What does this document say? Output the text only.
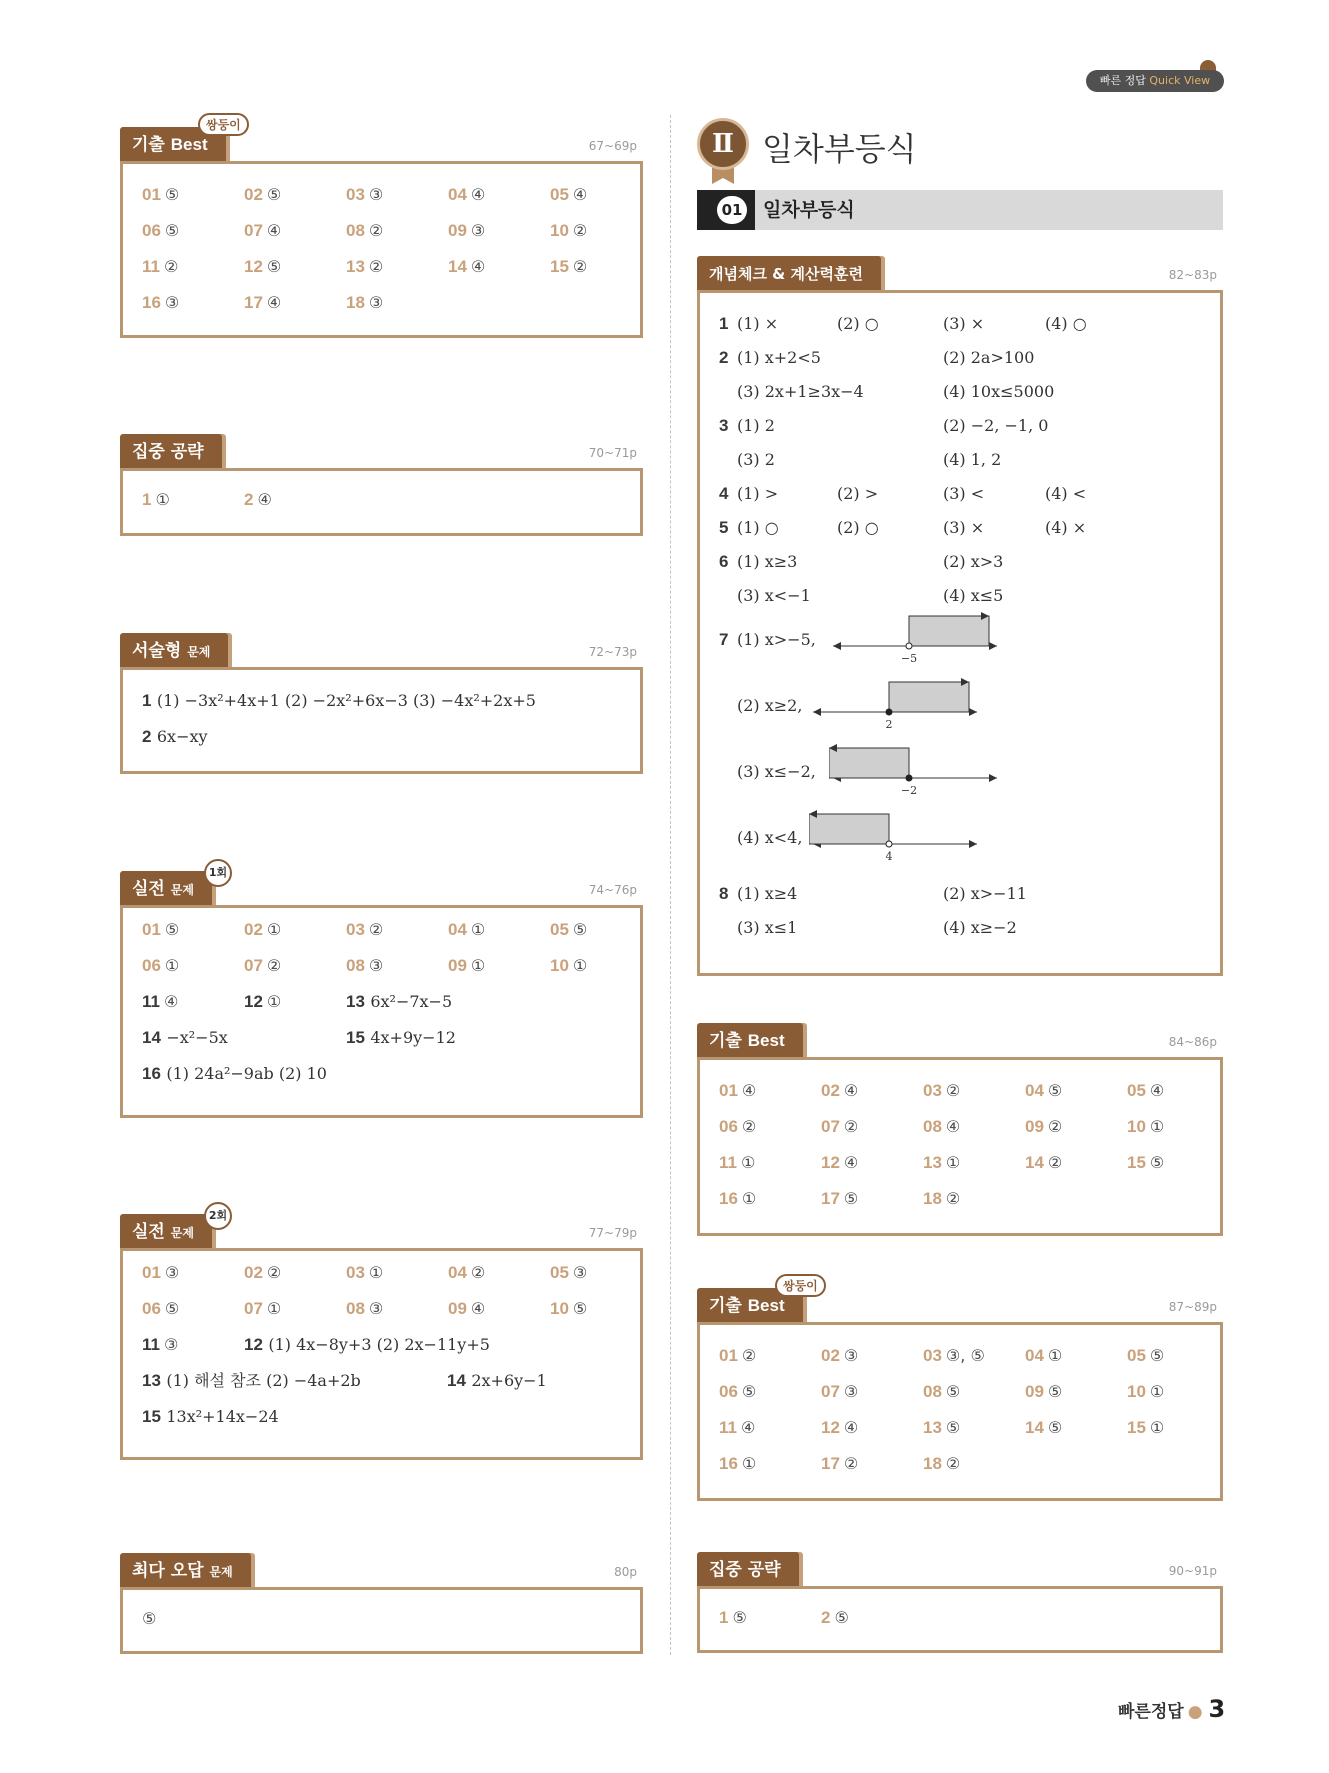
빠른 정답 Quick View
기출 Best
쌍둥이
67~69p
01 ⑤	02 ⑤	03 ③	04 ④	05 ④
06 ⑤	07 ④	08 ②	09 ③	10 ②
11 ②	12 ⑤	13 ②	14 ④	15 ②
16 ③	17 ④	18 ③
집중 공략	70~71p
1 ①	2 ④
서술형 문제	72~73p
1 (1) −3x²+4x+1 (2) −2x²+6x−3 (3) −4x²+2x+5
2 6x−xy
실전 문제
1회
74~76p
01 ⑤	02 ①	03 ②	04 ①	05 ⑤
06 ①	07 ②	08 ③	09 ①	10 ①
11 ④	12 ①	13 6x²−7x−5
14 −x²−5x	15 4x+9y−12
16 (1) 24a²−9ab (2) 10
실전 문제
2회
77~79p
01 ③	02 ②	03 ①	04 ②	05 ③
06 ⑤	07 ①	08 ③	09 ④	10 ⑤
11 ③	12 (1) 4x−8y+3 (2) 2x−11y+5
13 (1) 해설 참조 (2) −4a+2b	14 2x+6y−1
15 13x²+14x−24
최다 오답 문제	80p
⑤
Ⅱ 일차부등식
01 일차부등식
개념체크 & 계산력훈련	82~83p
1 (1) ×	(2) ○	(3) ×	(4) ○
2 (1) x+2<5	(2) 2a>100
(3) 2x+1≥3x−4	(4) 10x≤5000
3 (1) 2	(2) −2, −1, 0
(3) 2	(4) 1, 2
4 (1) >	(2) >	(3) <	(4) <
5 (1) ○	(2) ○	(3) ×	(4) ×
6 (1) x≥3	(2) x>3
(3) x<−1	(4) x≤5
7 (1) x>−5,
−5
(2) x≥2,
2
(3) x≤−2,
−2
(4) x<4,
4
8 (1) x≥4	(2) x>−11
(3) x≤1	(4) x≥−2
기출 Best	84~86p
01 ④	02 ④	03 ②	04 ⑤	05 ④
06 ②	07 ②	08 ④	09 ②	10 ①
11 ①	12 ④	13 ①	14 ②	15 ⑤
16 ①	17 ⑤	18 ②
기출 Best
쌍둥이
87~89p
01 ②	02 ③	03 ③, ⑤ 04 ①	05 ⑤
06 ⑤	07 ③	08 ⑤	09 ⑤	10 ①
11 ④	12 ④	13 ⑤	14 ⑤	15 ①
16 ①	17 ②	18 ②
집중 공략	90~91p
1 ⑤	2 ⑤
빠른정답 ● 3
